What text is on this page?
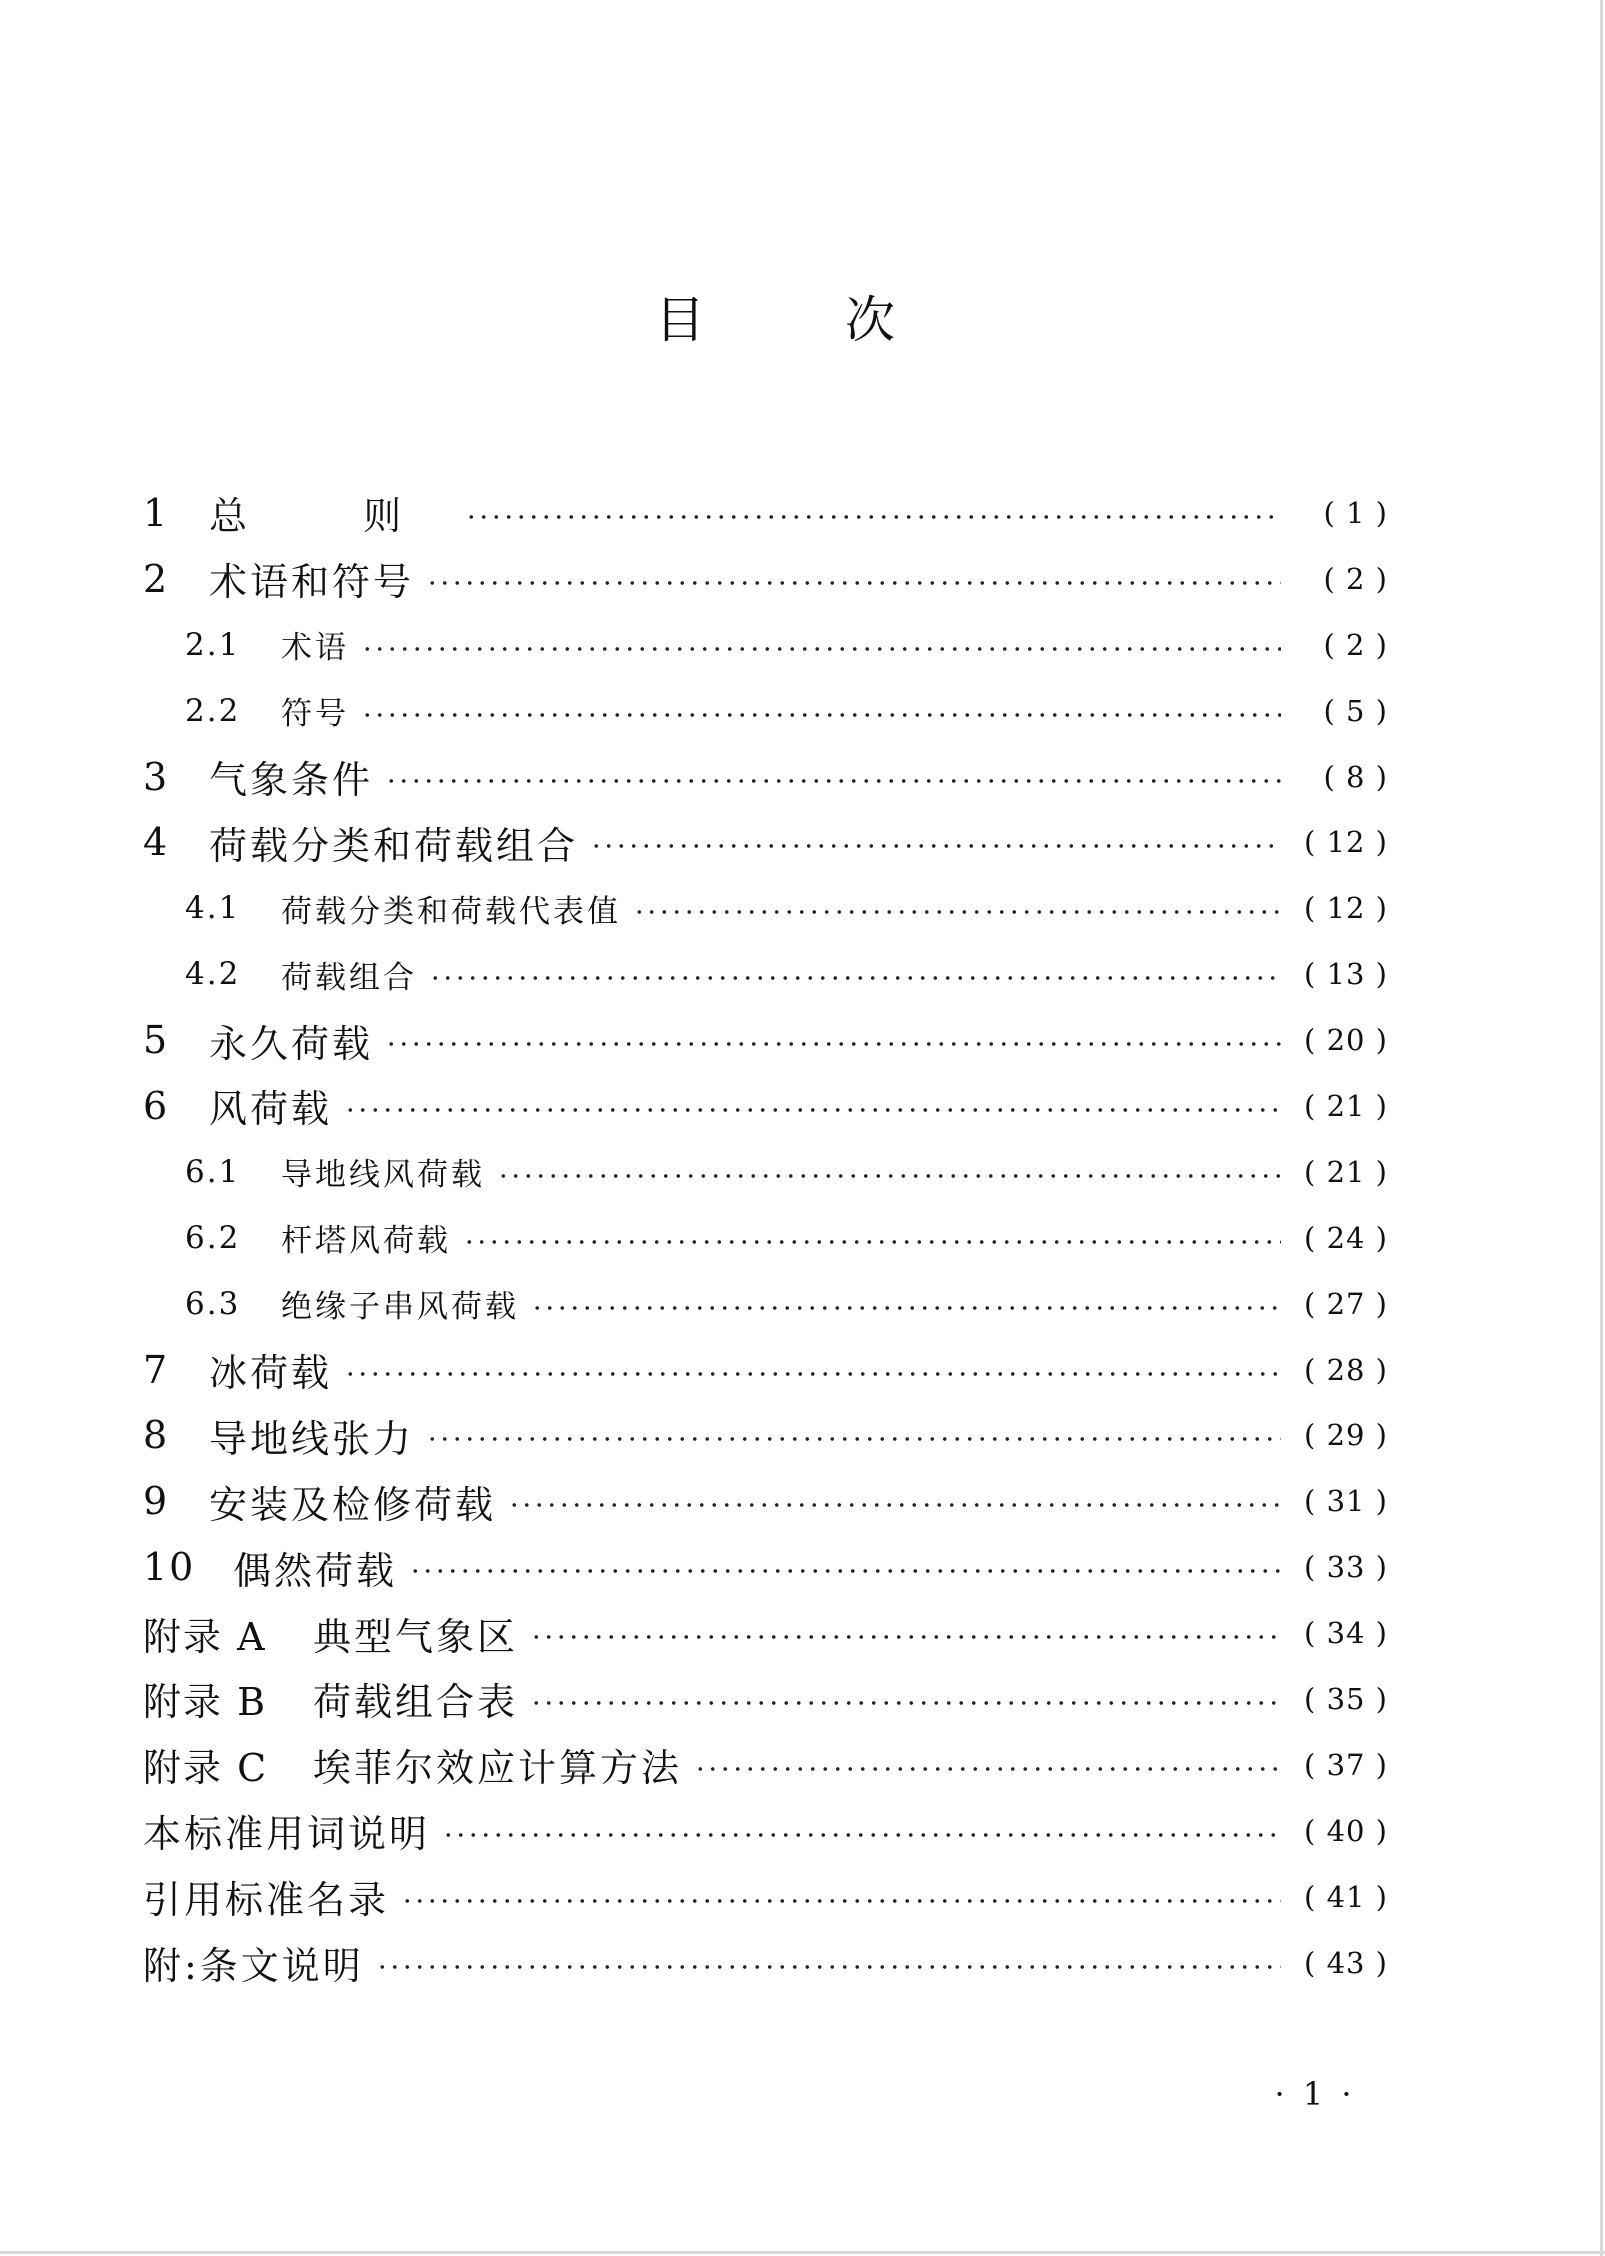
目	次
1	总 则	( 1 )
2	术语和符号	( 2 )
2.1	术语	( 2 )
2.2	符号	( 5 )
3	气象条件	( 8 )
4	荷载分类和荷载组合	( 12 )
4.1	荷载分类和荷载代表值	( 12 )
4.2	荷载组合	( 13 )
5	永久荷载	( 20 )
6	风荷载	( 21 )
6.1	导地线风荷载	( 21 )
6.2	杆塔风荷载	( 24 )
6.3	绝缘子串风荷载	( 27 )
7	冰荷载	( 28 )
8	导地线张力	( 29 )
9	安装及检修荷载	( 31 )
10 偶然荷载	( 33 )
附录 A	典型气象区	( 34 )
附录 B	荷载组合表	( 35 )
附录 C	埃菲尔效应计算方法	( 37 )
本标准用词说明	( 40 )
引用标准名录	( 41 )
附:条文说明	( 43 )
· 1 ·
